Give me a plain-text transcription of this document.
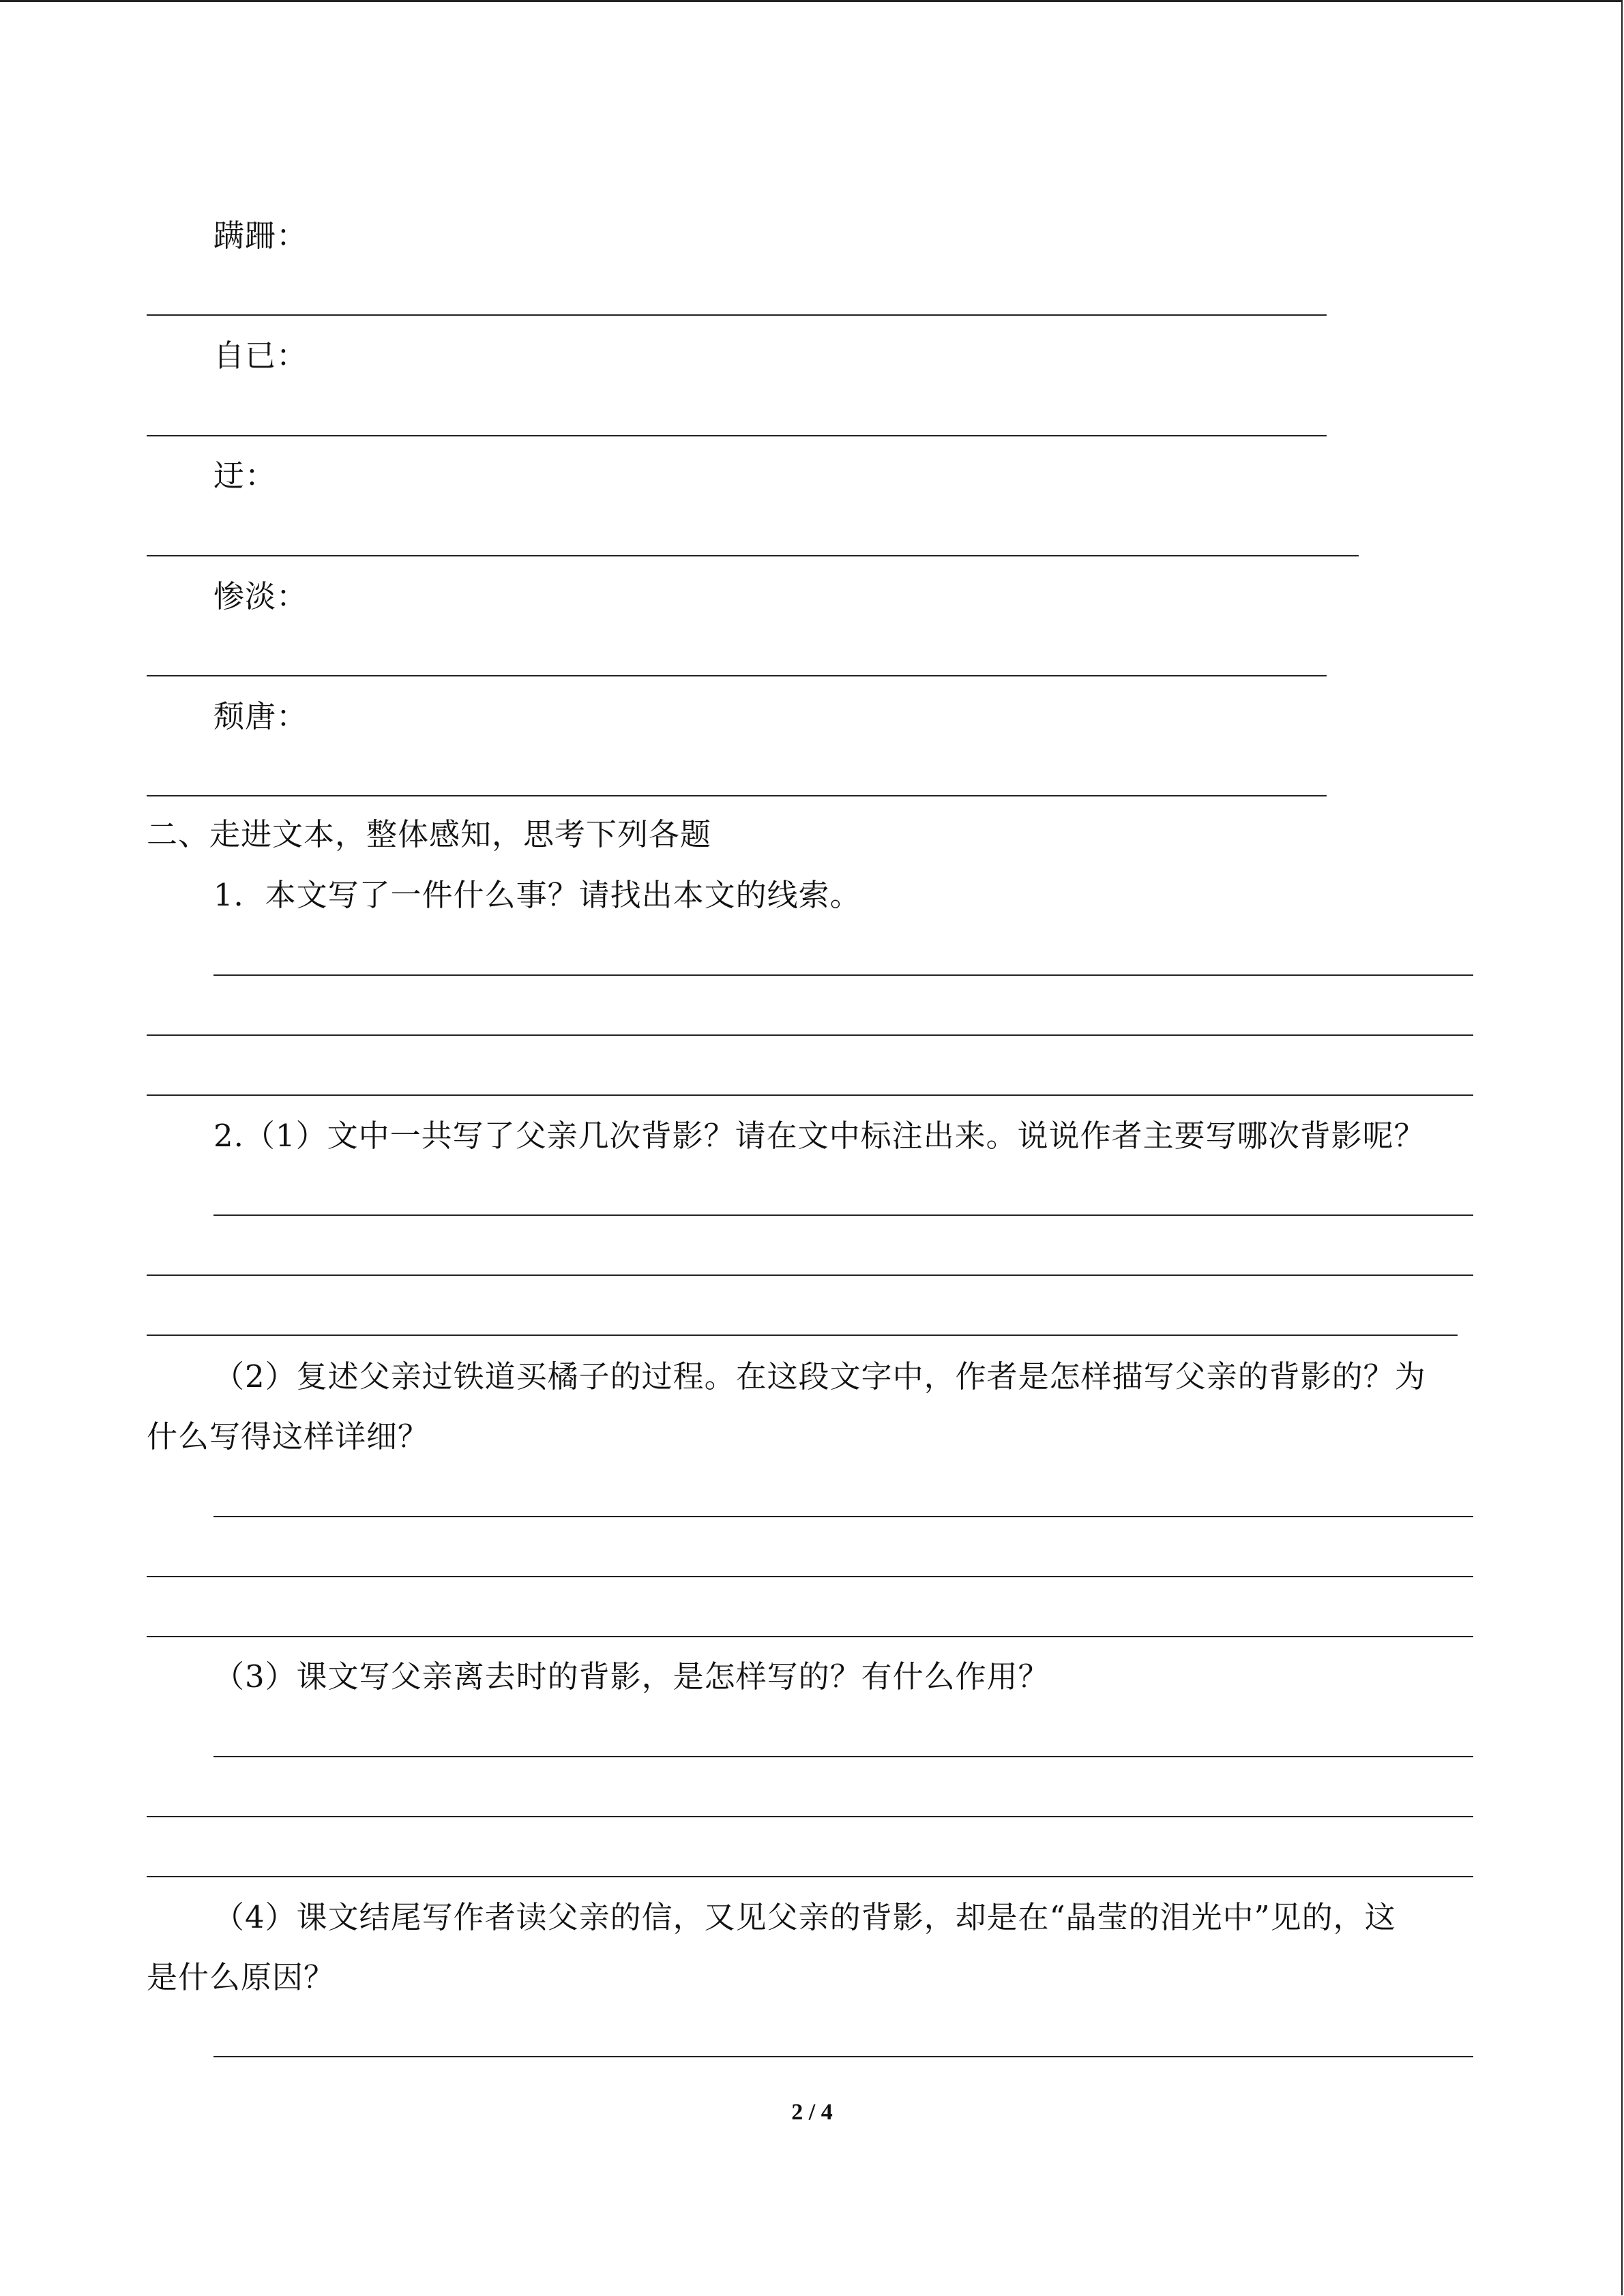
蹒跚：
自已：
迂：
惨淡：
颓唐：
二、走进文本，整体感知，思考下列各题
1．本文写了一件什么事？请找出本文的线索。
2.（1）文中一共写了父亲几次背影？请在文中标注出来。说说作者主要写哪次背影呢？
（2）复述父亲过铁道买橘子的过程。在这段文字中，作者是怎样描写父亲的背影的？为
什么写得这样详细？
（3）课文写父亲离去时的背影，是怎样写的？有什么作用？
（4）课文结尾写作者读父亲的信，又见父亲的背影，却是在“晶莹的泪光中”见的，这
是什么原因？
2 / 4
